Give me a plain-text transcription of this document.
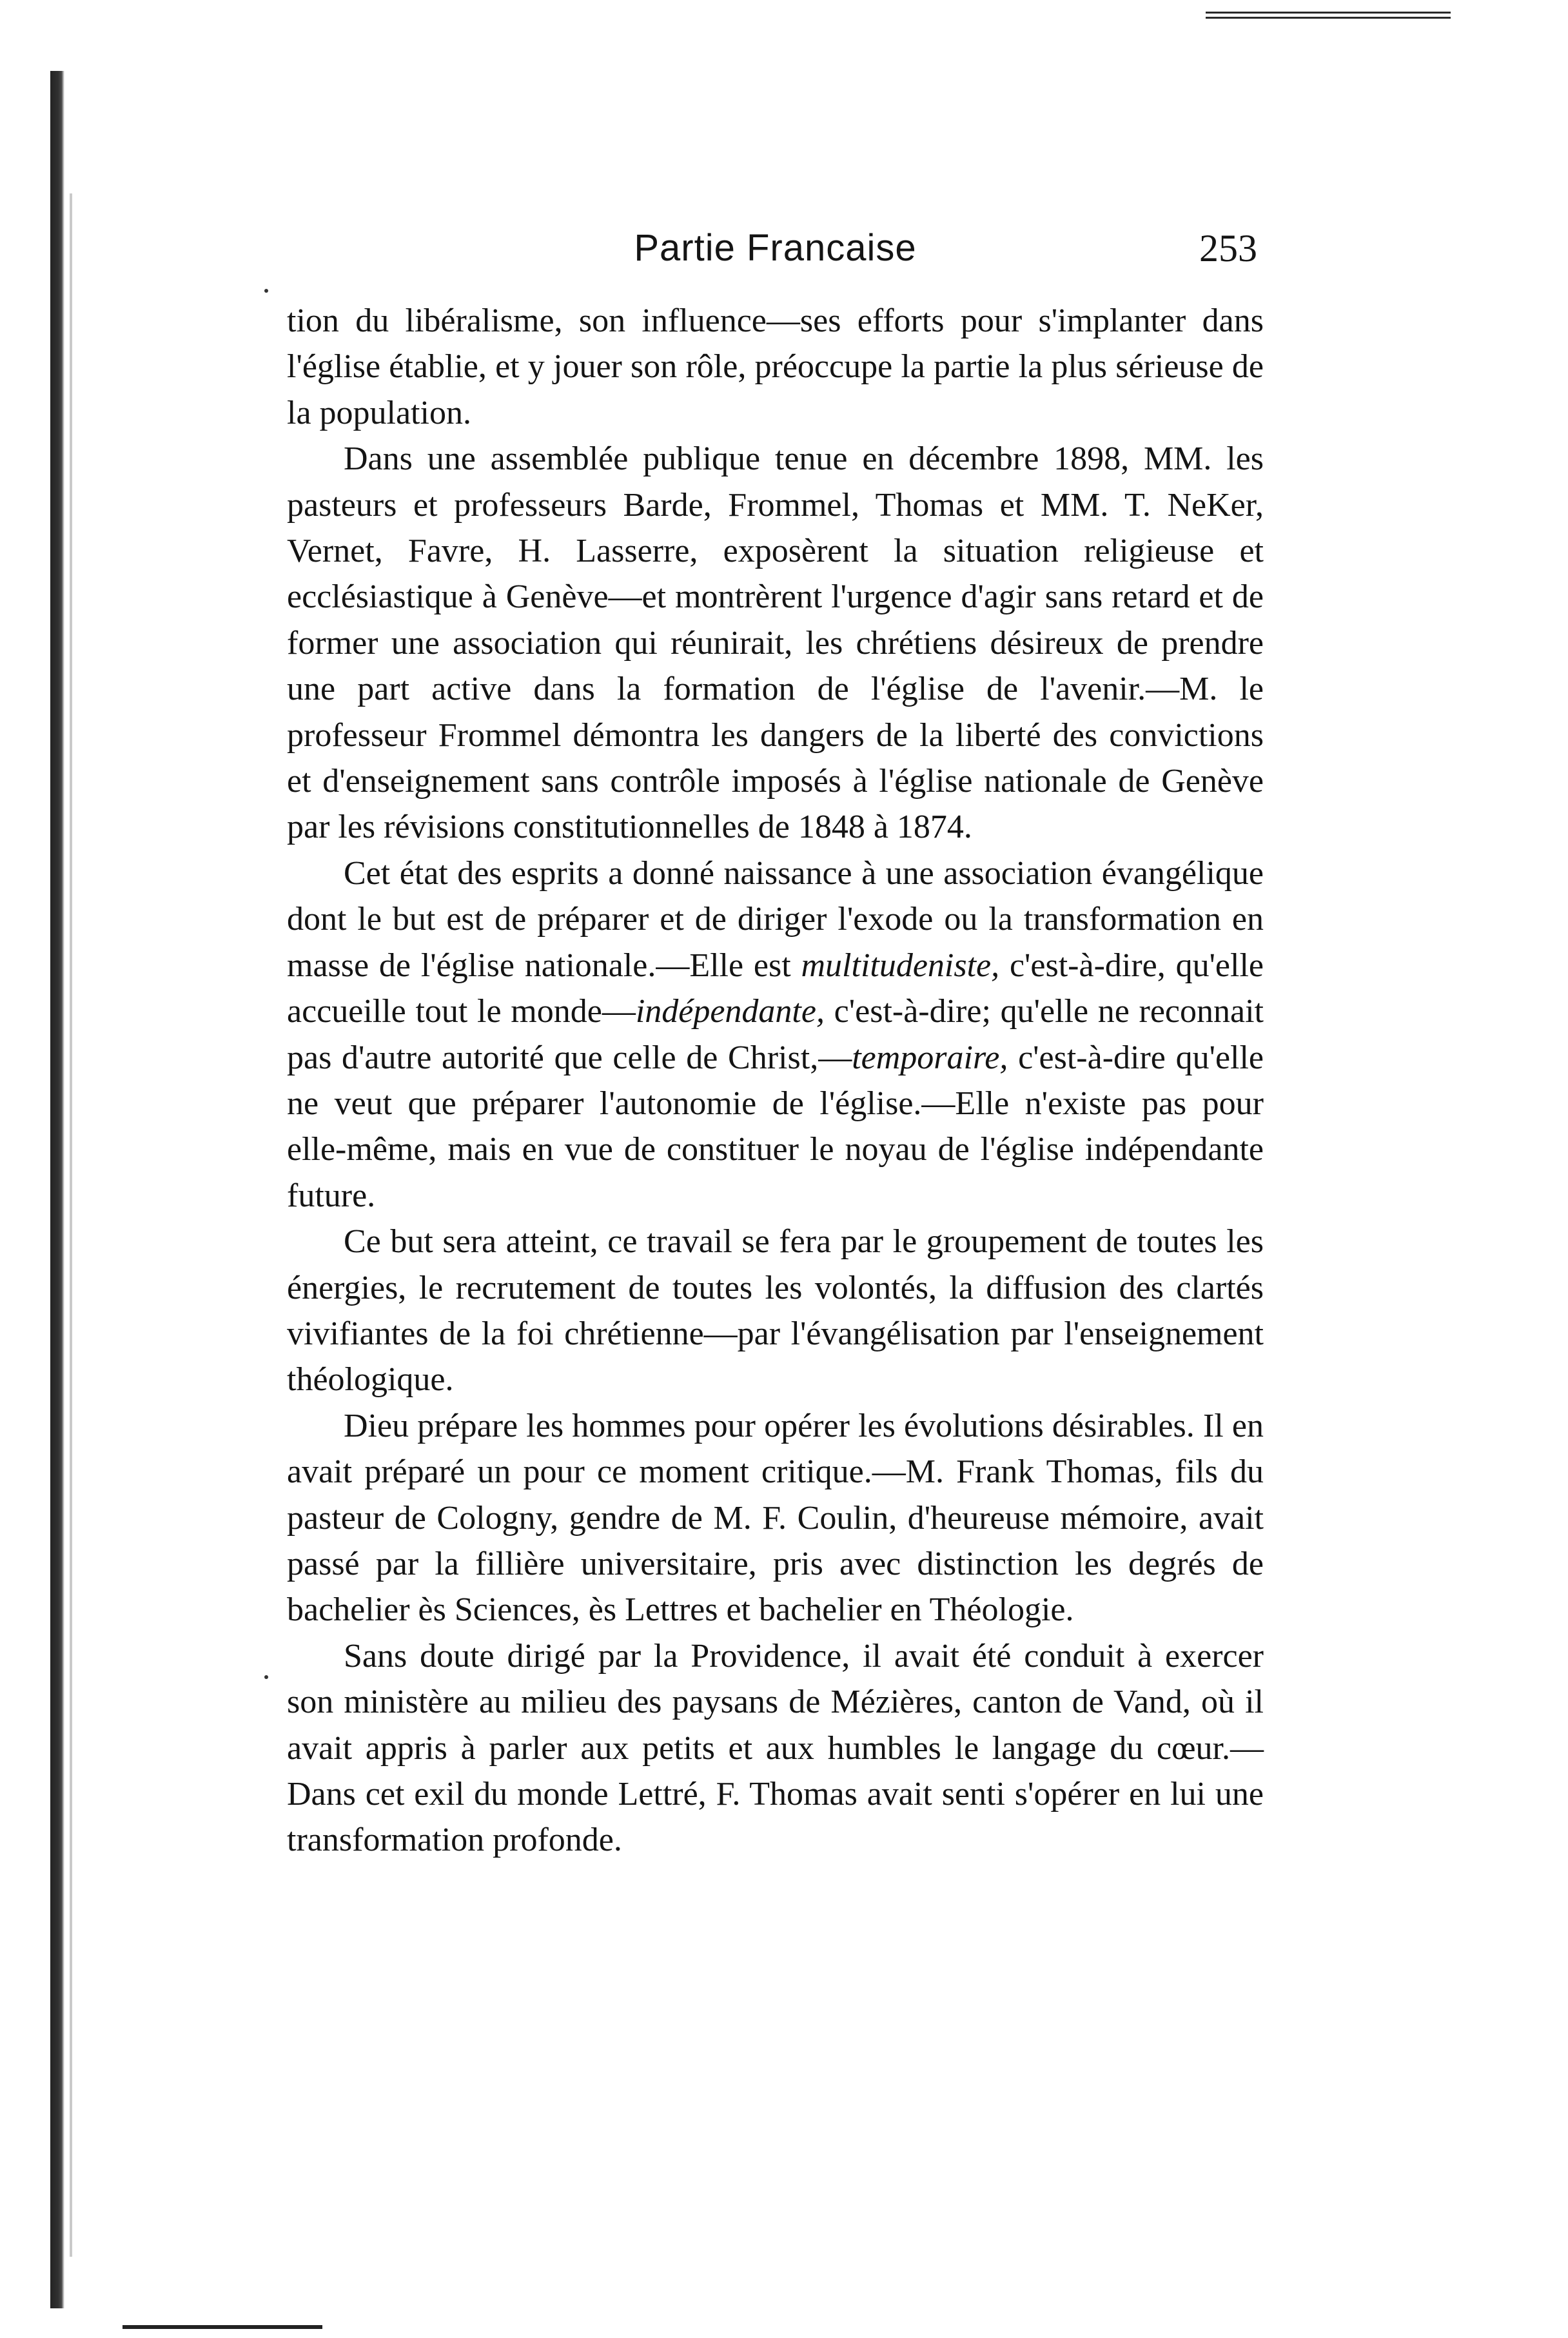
Partie Francaise	253

tion du libéralisme, son influence—ses efforts pour s'implanter dans l'église établie, et y jouer son rôle, préoccupe la partie la plus sérieuse de la population.

Dans une assemblée publique tenue en décembre 1898, MM. les pasteurs et professeurs Barde, Frommel, Thomas et MM. T. NeKer, Vernet, Favre, H. Lasserre, exposèrent la situation religieuse et ecclésiastique à Genève—et montrèrent l'urgence d'agir sans retard et de former une association qui réunirait, les chrétiens désireux de prendre une part active dans la formation de l'église de l'avenir.—M. le professeur Frommel démontra les dangers de la liberté des convictions et d'enseignement sans contrôle imposés à l'église nationale de Genève par les révisions constitutionnelles de 1848 à 1874.

Cet état des esprits a donné naissance à une association évangélique dont le but est de préparer et de diriger l'exode ou la transformation en masse de l'église nationale.—Elle est multitudeniste, c'est-à-dire, qu'elle accueille tout le monde—indépendante, c'est-à-dire; qu'elle ne reconnait pas d'autre autorité que celle de Christ,—temporaire, c'est-à-dire qu'elle ne veut que préparer l'autonomie de l'église.—Elle n'existe pas pour elle-même, mais en vue de constituer le noyau de l'église indépendante future.

Ce but sera atteint, ce travail se fera par le groupement de toutes les énergies, le recrutement de toutes les volontés, la diffusion des clartés vivifiantes de la foi chrétienne—par l'évangélisation par l'enseignement théologique.

Dieu prépare les hommes pour opérer les évolutions désirables. Il en avait préparé un pour ce moment critique.—M. Frank Thomas, fils du pasteur de Cologny, gendre de M. F. Coulin, d'heureuse mémoire, avait passé par la fillière universitaire, pris avec distinction les degrés de bachelier ès Sciences, ès Lettres et bachelier en Théologie.

Sans doute dirigé par la Providence, il avait été conduit à exercer son ministère au milieu des paysans de Mézières, canton de Vand, où il avait appris à parler aux petits et aux humbles le langage du cœur.—Dans cet exil du monde Lettré, F. Thomas avait senti s'opérer en lui une transformation profonde.
